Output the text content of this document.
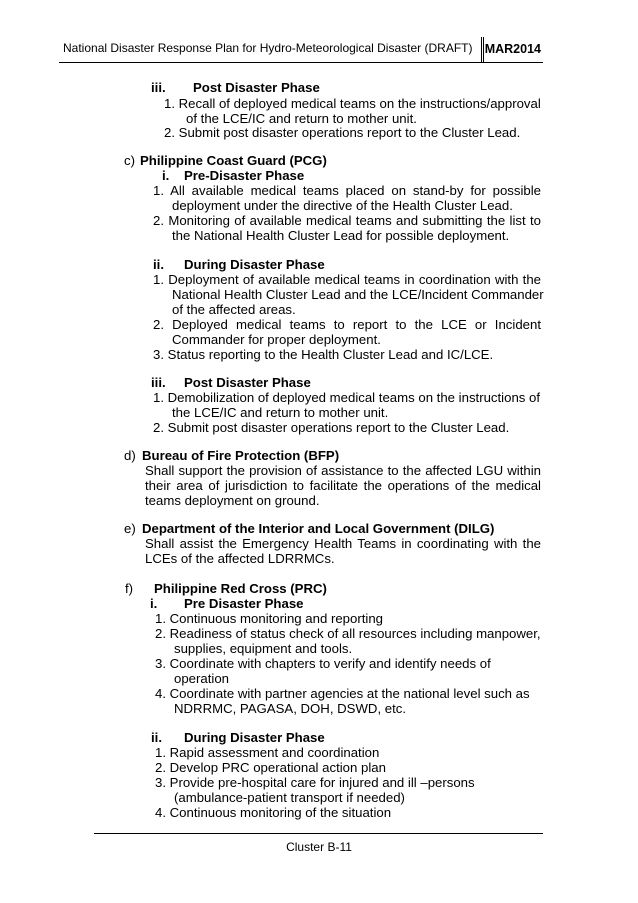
National Disaster Response Plan for Hydro-Meteorological Disaster (DRAFT) MAR2014
iii. Post Disaster Phase
1. Recall of deployed medical teams on the instructions/approval
of the LCE/IC and return to mother unit.
2. Submit post disaster operations report to the Cluster Lead.
c) Philippine Coast Guard (PCG)
i. Pre-Disaster Phase
1. All available medical teams placed on stand-by for possible
deployment under the directive of the Health Cluster Lead.
2. Monitoring of available medical teams and submitting the list to
the National Health Cluster Lead for possible deployment.
ii. During Disaster Phase
1. Deployment of available medical teams in coordination with the
National Health Cluster Lead and the LCE/Incident Commander
of the affected areas.
2. Deployed medical teams to report to the LCE or Incident
Commander for proper deployment.
3. Status reporting to the Health Cluster Lead and IC/LCE.
iii. Post Disaster Phase
1. Demobilization of deployed medical teams on the instructions of
the LCE/IC and return to mother unit.
2. Submit post disaster operations report to the Cluster Lead.
d) Bureau of Fire Protection (BFP)
Shall support the provision of assistance to the affected LGU within
their area of jurisdiction to facilitate the operations of the medical
teams deployment on ground.
e) Department of the Interior and Local Government (DILG)
Shall assist the Emergency Health Teams in coordinating with the
LCEs of the affected LDRRMCs.
f) Philippine Red Cross (PRC)
i. Pre Disaster Phase
1. Continuous monitoring and reporting
2. Readiness of status check of all resources including manpower,
supplies, equipment and tools.
3. Coordinate with chapters to verify and identify needs of
operation
4. Coordinate with partner agencies at the national level such as
NDRRMC, PAGASA, DOH, DSWD, etc.
ii. During Disaster Phase
1. Rapid assessment and coordination
2. Develop PRC operational action plan
3. Provide pre-hospital care for injured and ill –persons
(ambulance-patient transport if needed)
4. Continuous monitoring of the situation
Cluster B-11
